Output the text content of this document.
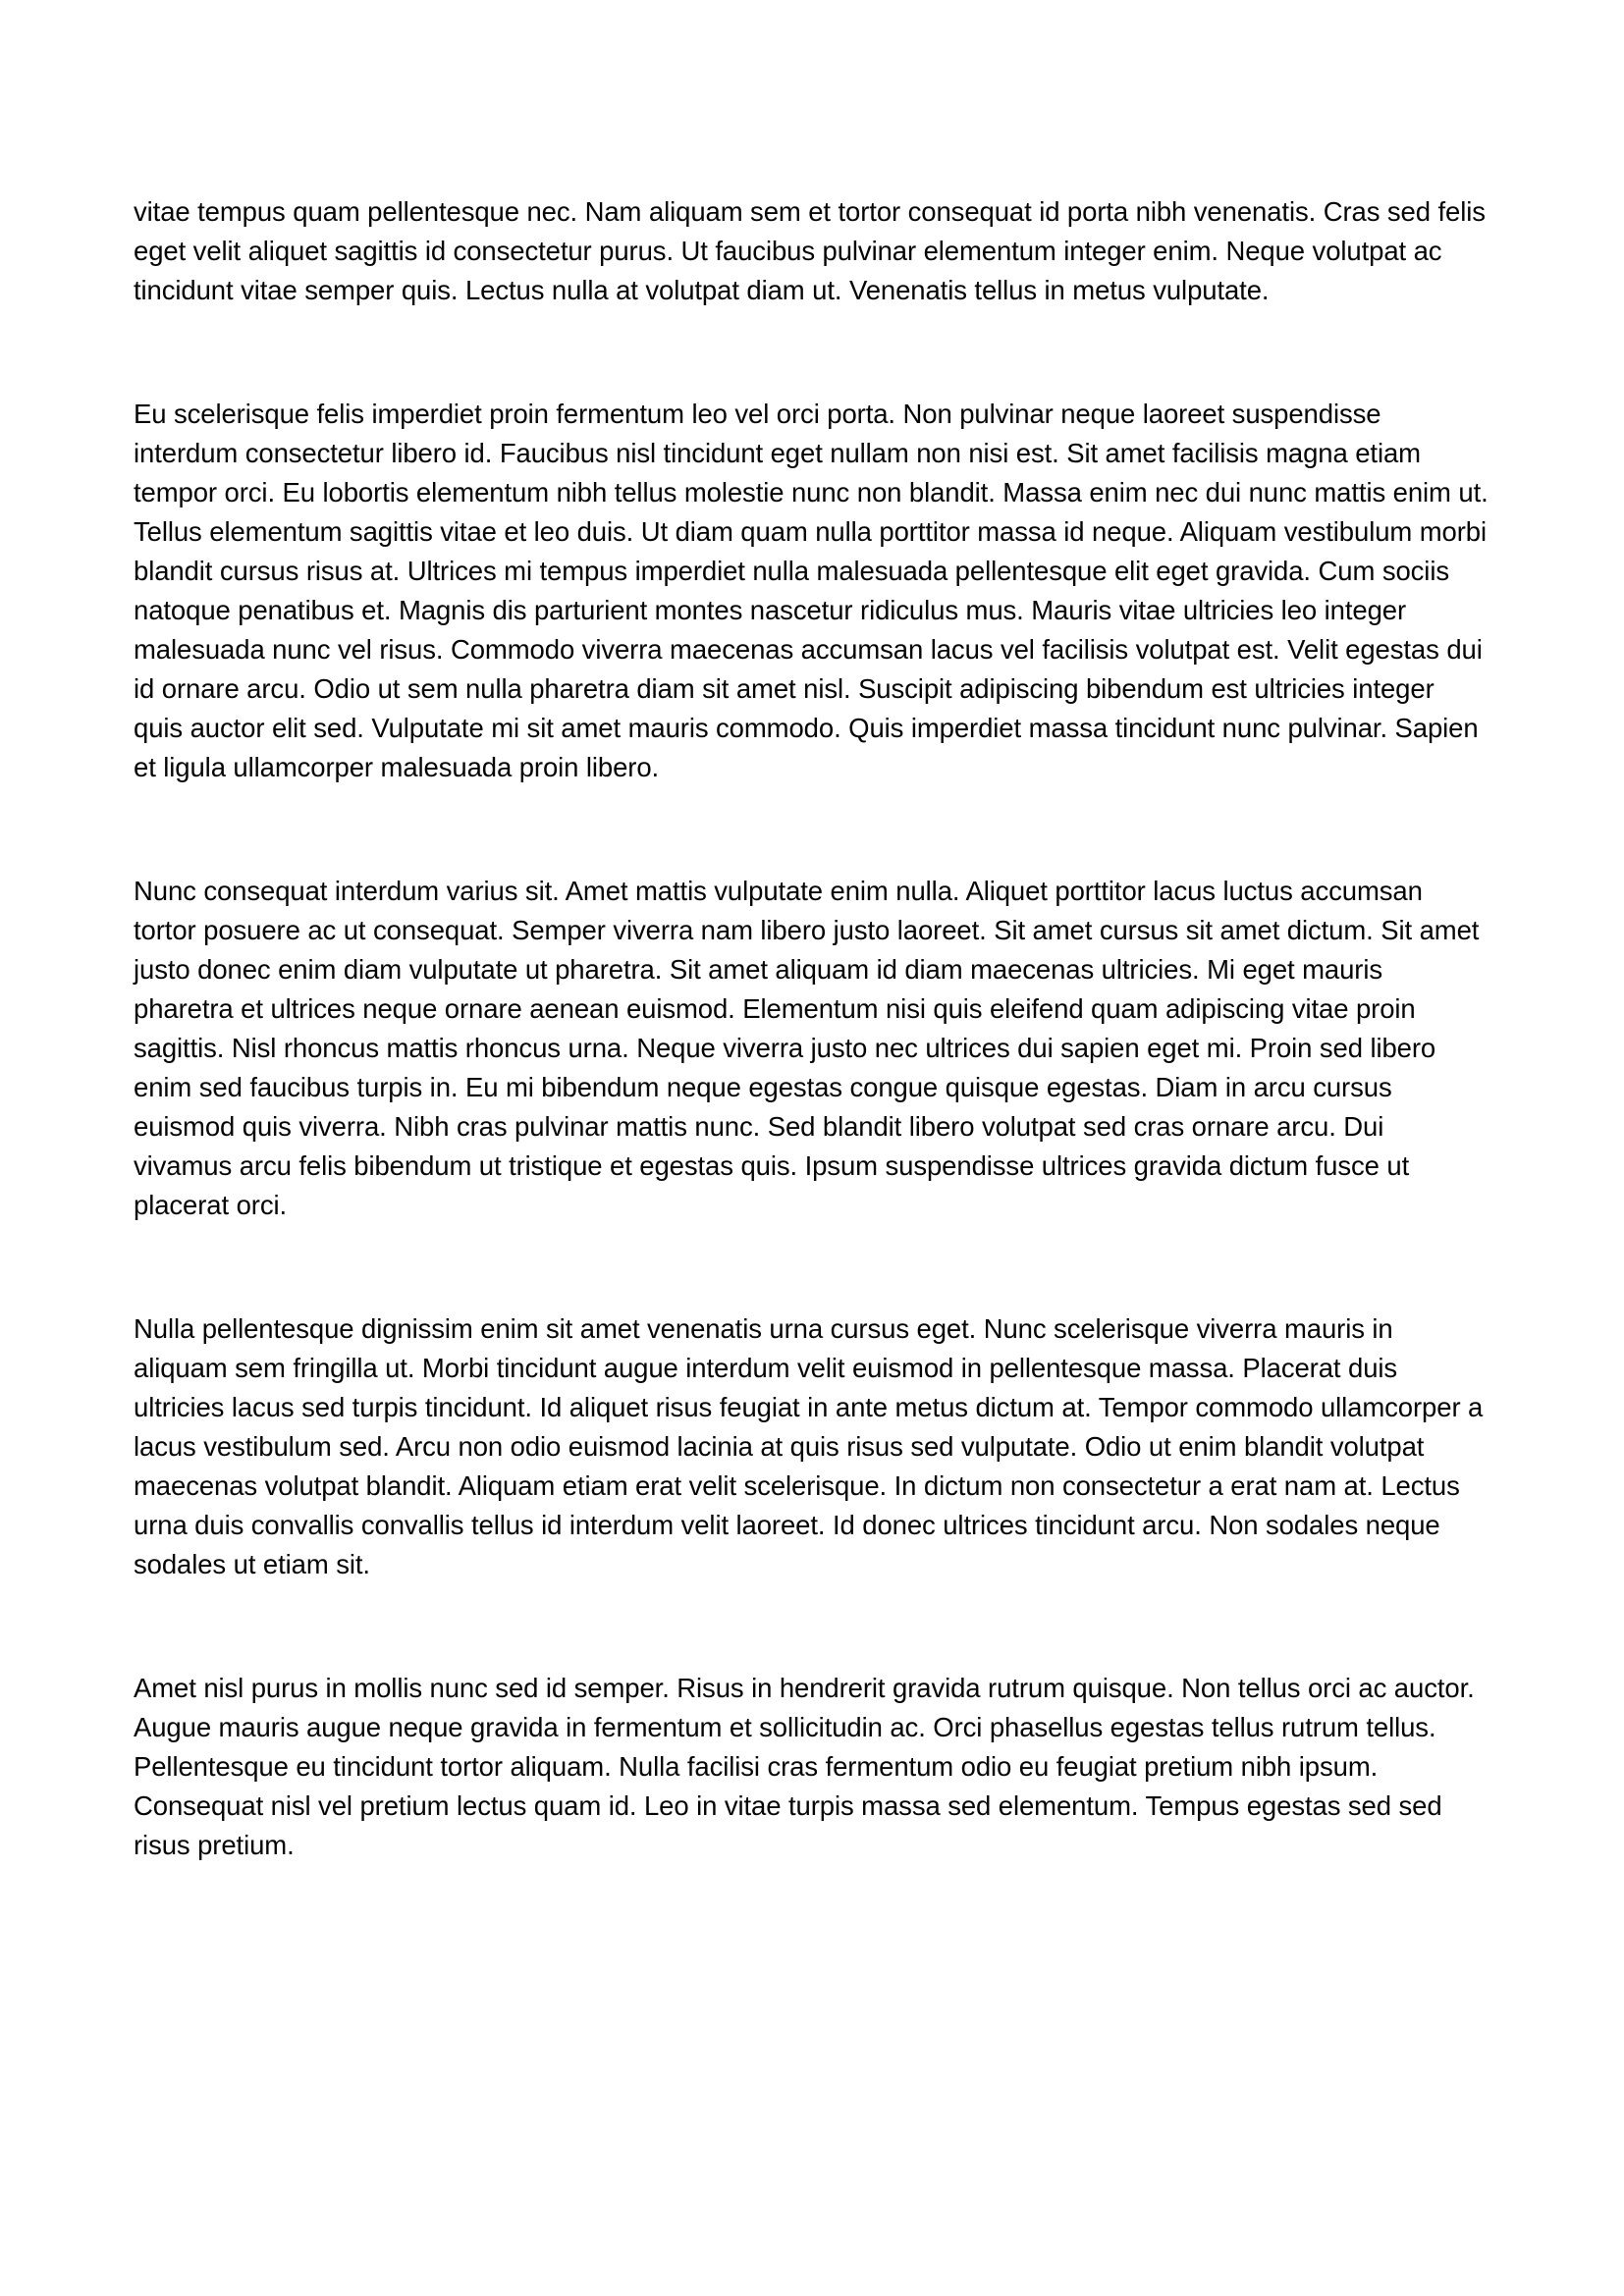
vitae tempus quam pellentesque nec. Nam aliquam sem et tortor consequat id porta nibh venenatis. Cras sed felis eget velit aliquet sagittis id consectetur purus. Ut faucibus pulvinar elementum integer enim. Neque volutpat ac tincidunt vitae semper quis. Lectus nulla at volutpat diam ut. Venenatis tellus in metus vulputate.

Eu scelerisque felis imperdiet proin fermentum leo vel orci porta. Non pulvinar neque laoreet suspendisse interdum consectetur libero id. Faucibus nisl tincidunt eget nullam non nisi est. Sit amet facilisis magna etiam tempor orci. Eu lobortis elementum nibh tellus molestie nunc non blandit. Massa enim nec dui nunc mattis enim ut. Tellus elementum sagittis vitae et leo duis. Ut diam quam nulla porttitor massa id neque. Aliquam vestibulum morbi blandit cursus risus at. Ultrices mi tempus imperdiet nulla malesuada pellentesque elit eget gravida. Cum sociis natoque penatibus et. Magnis dis parturient montes nascetur ridiculus mus. Mauris vitae ultricies leo integer malesuada nunc vel risus. Commodo viverra maecenas accumsan lacus vel facilisis volutpat est. Velit egestas dui id ornare arcu. Odio ut sem nulla pharetra diam sit amet nisl. Suscipit adipiscing bibendum est ultricies integer quis auctor elit sed. Vulputate mi sit amet mauris commodo. Quis imperdiet massa tincidunt nunc pulvinar. Sapien et ligula ullamcorper malesuada proin libero.

Nunc consequat interdum varius sit. Amet mattis vulputate enim nulla. Aliquet porttitor lacus luctus accumsan tortor posuere ac ut consequat. Semper viverra nam libero justo laoreet. Sit amet cursus sit amet dictum. Sit amet justo donec enim diam vulputate ut pharetra. Sit amet aliquam id diam maecenas ultricies. Mi eget mauris pharetra et ultrices neque ornare aenean euismod. Elementum nisi quis eleifend quam adipiscing vitae proin sagittis. Nisl rhoncus mattis rhoncus urna. Neque viverra justo nec ultrices dui sapien eget mi. Proin sed libero enim sed faucibus turpis in. Eu mi bibendum neque egestas congue quisque egestas. Diam in arcu cursus euismod quis viverra. Nibh cras pulvinar mattis nunc. Sed blandit libero volutpat sed cras ornare arcu. Dui vivamus arcu felis bibendum ut tristique et egestas quis. Ipsum suspendisse ultrices gravida dictum fusce ut placerat orci.

Nulla pellentesque dignissim enim sit amet venenatis urna cursus eget. Nunc scelerisque viverra mauris in aliquam sem fringilla ut. Morbi tincidunt augue interdum velit euismod in pellentesque massa. Placerat duis ultricies lacus sed turpis tincidunt. Id aliquet risus feugiat in ante metus dictum at. Tempor commodo ullamcorper a lacus vestibulum sed. Arcu non odio euismod lacinia at quis risus sed vulputate. Odio ut enim blandit volutpat maecenas volutpat blandit. Aliquam etiam erat velit scelerisque. In dictum non consectetur a erat nam at. Lectus urna duis convallis convallis tellus id interdum velit laoreet. Id donec ultrices tincidunt arcu. Non sodales neque sodales ut etiam sit.

Amet nisl purus in mollis nunc sed id semper. Risus in hendrerit gravida rutrum quisque. Non tellus orci ac auctor. Augue mauris augue neque gravida in fermentum et sollicitudin ac. Orci phasellus egestas tellus rutrum tellus. Pellentesque eu tincidunt tortor aliquam. Nulla facilisi cras fermentum odio eu feugiat pretium nibh ipsum. Consequat nisl vel pretium lectus quam id. Leo in vitae turpis massa sed elementum. Tempus egestas sed sed risus pretium.
